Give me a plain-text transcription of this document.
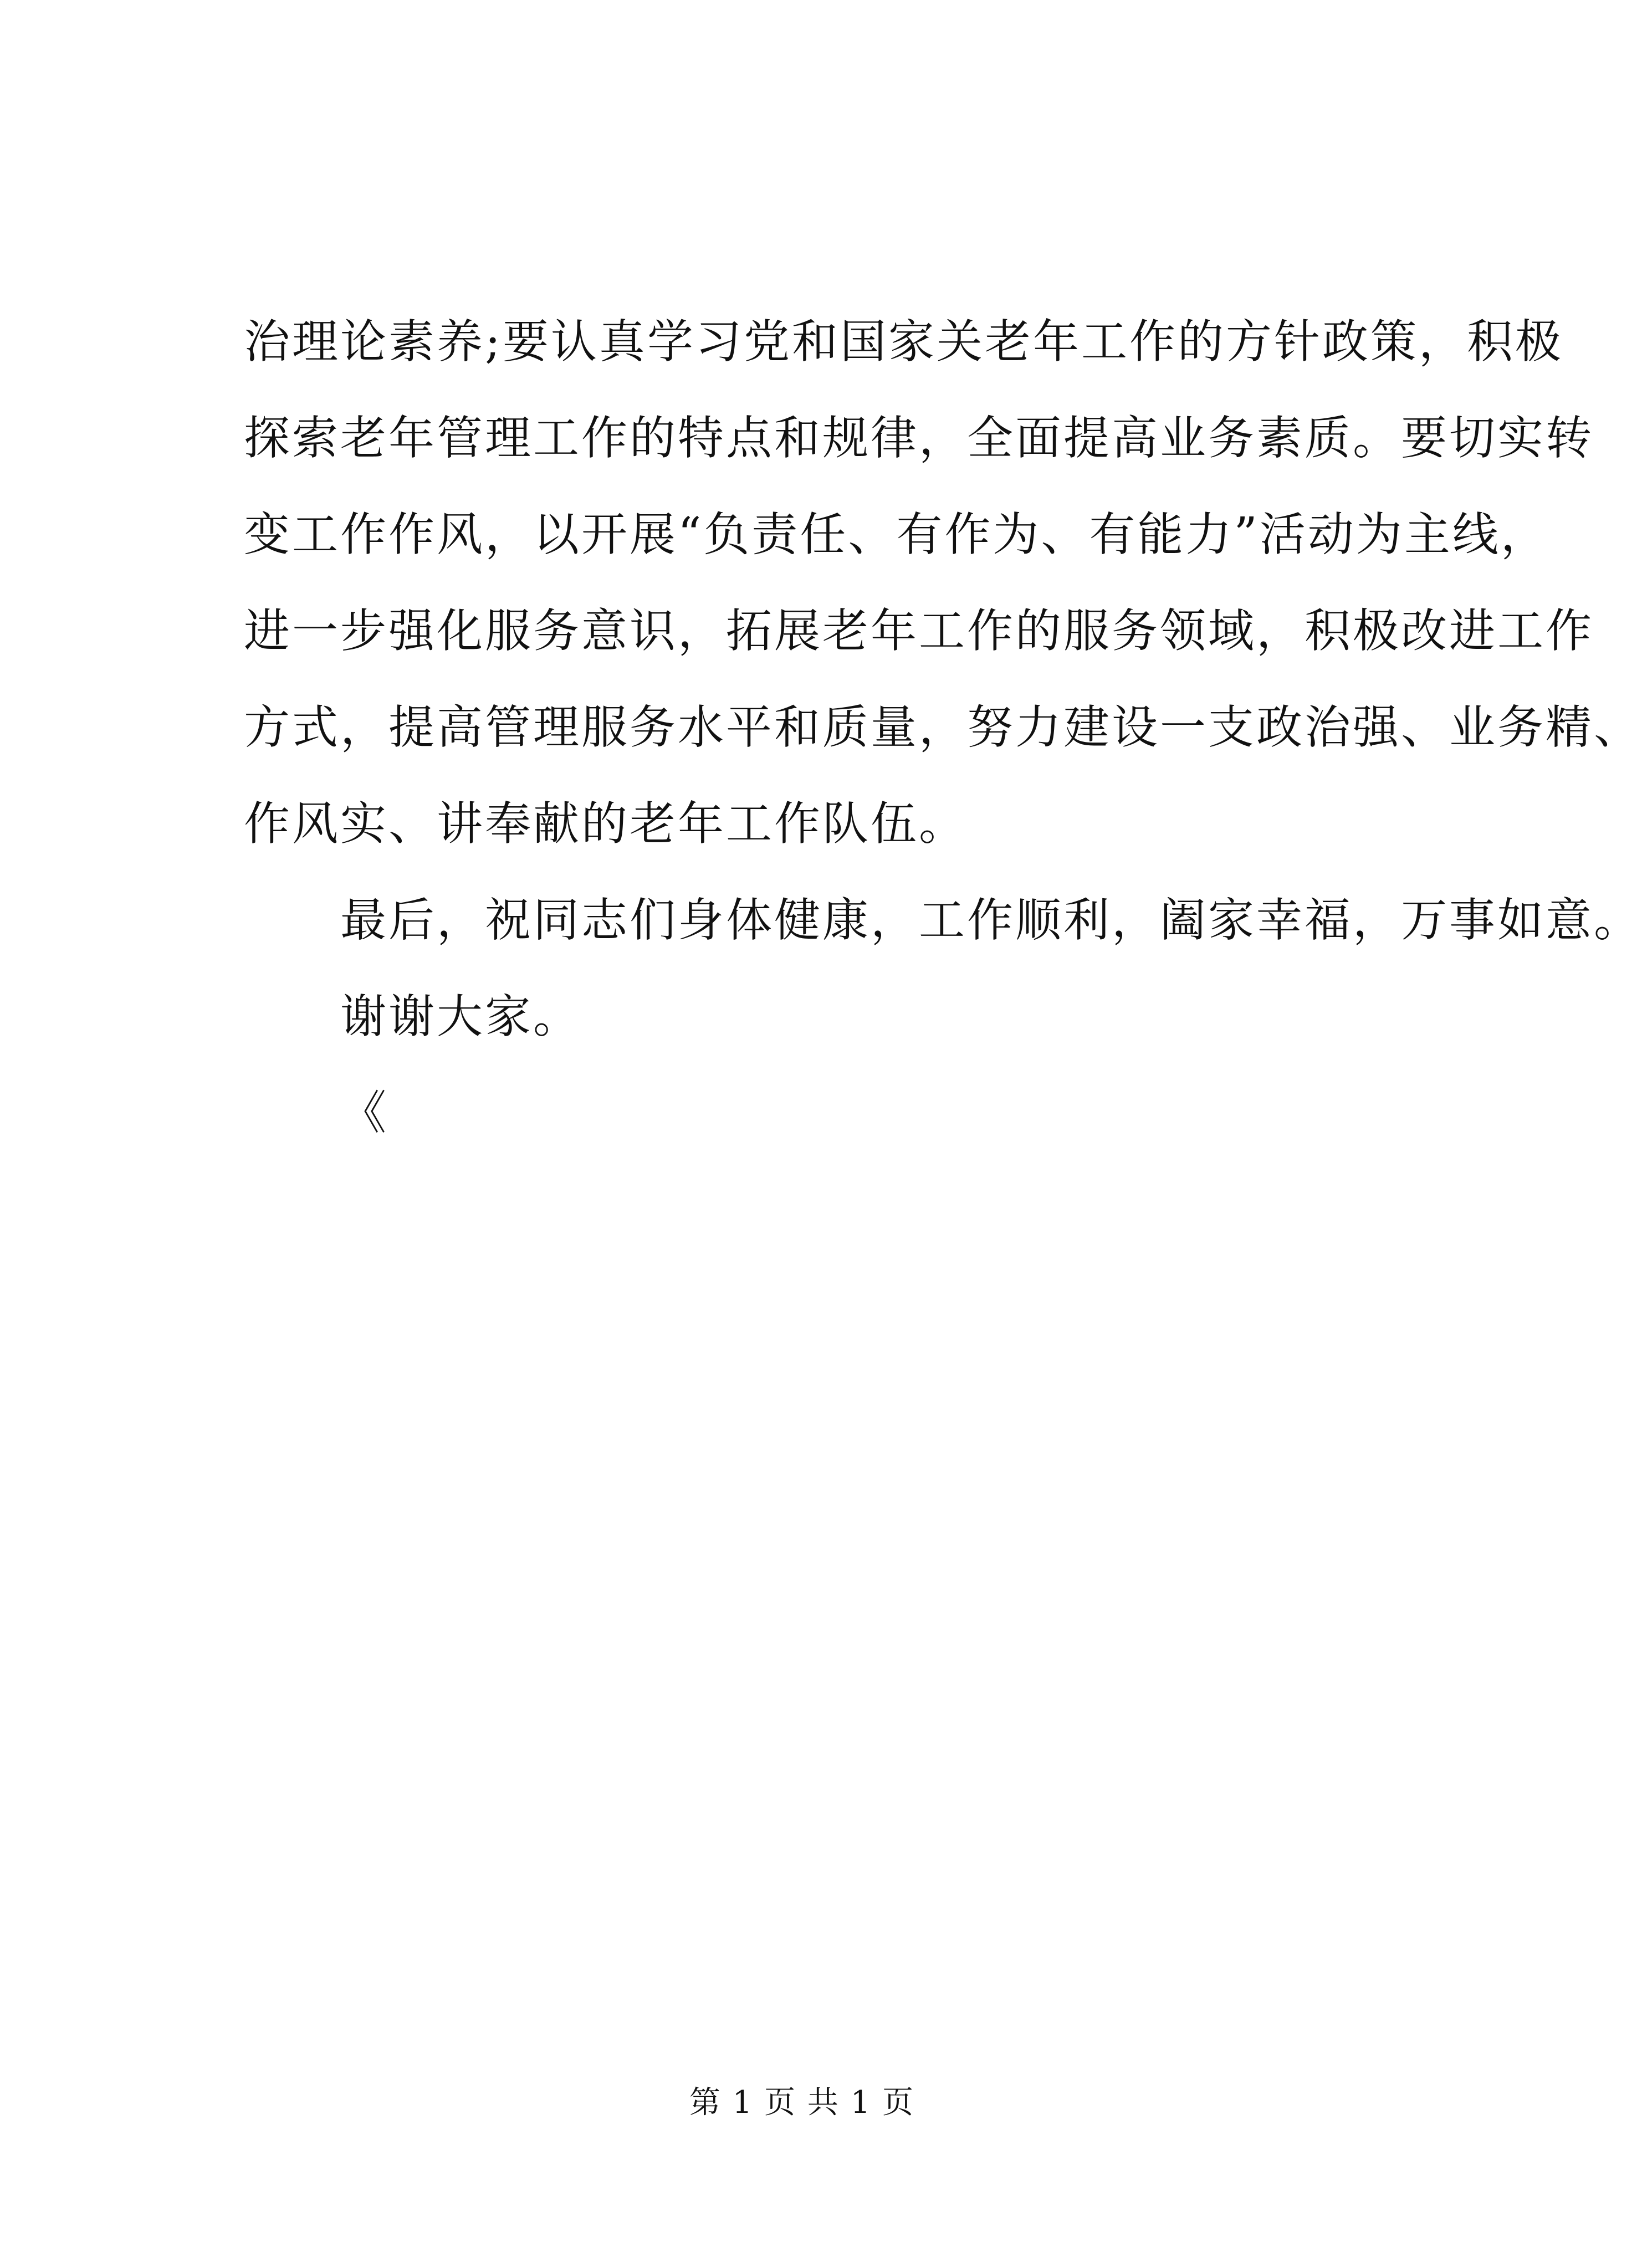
治理论素养;要认真学习党和国家关老年工作的方针政策，积极
探索老年管理工作的特点和规律，全面提高业务素质。要切实转
变工作作风，以开展“负责任、有作为、有能力”活动为主线，
进一步强化服务意识，拓展老年工作的服务领域，积极改进工作
方式，提高管理服务水平和质量，努力建设一支政治强、业务精、
作风实、讲奉献的老年工作队伍。
最后，祝同志们身体健康，工作顺利，阖家幸福，万事如意。
谢谢大家。
《
第 1 页 共 1 页
